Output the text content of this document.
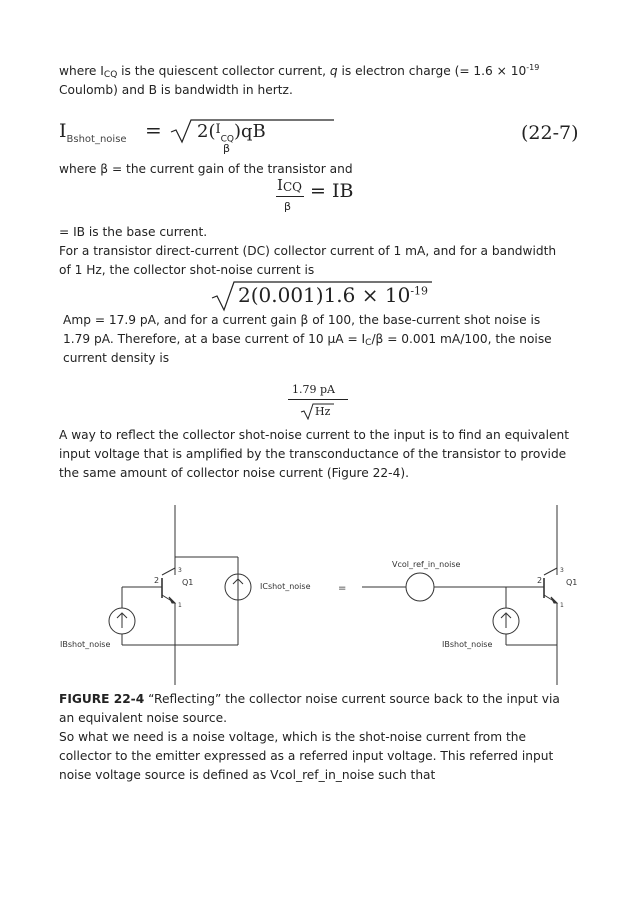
where $I_{CQ}$ is the quiescent collector current, q is electron charge (= $1.6 \times 10^{-19}$
Coulomb) and B is bandwidth in hertz.
$I_{Bshot\_noise} = 2(^I_{CQ})qB$
β
(22-7)
where β = the current gain of the transistor and
ICQ
β
= IB
= IB is the base current.
For a transistor direct-current (DC) collector current of 1 mA, and for a bandwidth
of 1 Hz, the collector shot-noise current is
$2(0.001)1.6 \times 10^{-19}$
Amp = 17.9 pA, and for a current gain β of 100, the base-current shot noise is
1.79 pA. Therefore, at a base current of 10 $\mu A = I_C/\beta = 0.001$ mA/100, the noise
current density is
1.79 pA
Hz
A way to reflect the collector shot-noise current to the input is to find an equivalent
input voltage that is amplified by the transconductance of the transistor to provide
the same amount of collector noise current (Figure 22-4).
2
3
1
Q1	ICshot_noise
IBshot_noise
=
Vcol_ref_in_noise
2
3
1
Q1
IBshot_noise
FIGURE 22-4 “Reflecting” the collector noise current source back to the input via
an equivalent noise source.
So what we need is a noise voltage, which is the shot-noise current from the
collector to the emitter expressed as a referred input voltage. This referred input
noise voltage source is defined as Vcol_ref_in_noise such that
